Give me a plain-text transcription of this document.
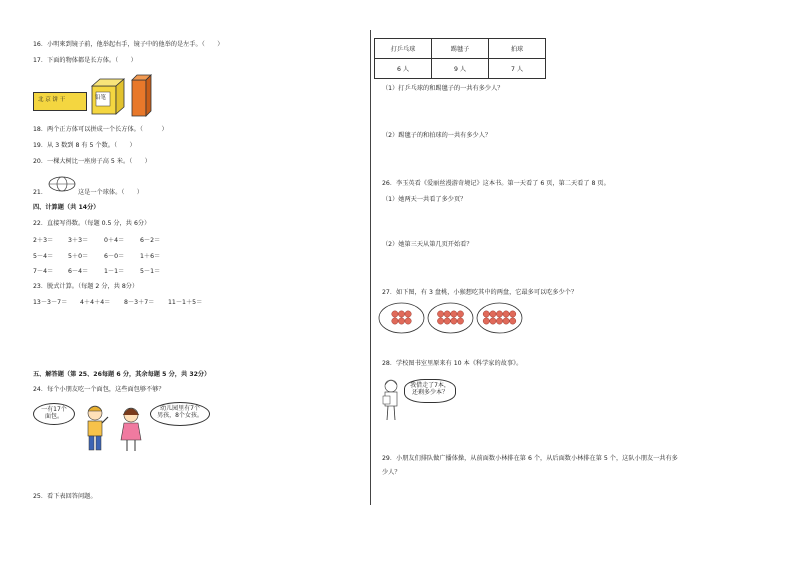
16．小明來到镜子前，他举起右手，镜子中的他举的是左手。（　　）
17．下面的物体都是长方体。（　　）
北 京 饼 干	铅笔
18．两个正方体可以拼成一个长方体。（　　　）
19．从 3 数到 8 有 5 个数。（　　）
20．一棵大树比一座房子高 5 米。（　　）
21．	这是一个球体。（　　）
四、计算题（共 14分）
22．直接写得数。（每题 0.5 分，共 6分）
2＋3＝ 3＋3＝	0＋4＝	6－2＝
5－4＝ 5＋0＝	6－0＝	1＋6＝
7－4＝ 6－4＝	1－1＝	5－1＝
23．脱式计算。（每题 2 分，共 8分）
13－3－7＝ 4＋4＋4＝ 8－3＋7＝ 11－1＋5＝
五、解答题（第 25、26每题 6 分，其余每题 5 分，共 32分）
24．每个小朋友吃一个面包，这些面包够不够？
一有17个
面包。
幼儿园里有7个
男孩，8个女孩。
25．看下表回答问题。
打乒乓球	踢毽子	拍球
6 人	9 人	7 人
（1）打乒乓球的和踢毽子的一共有多少人？
（2）踢毽子的和拍球的一共有多少人？
26．李玉英看《爱丽丝漫游奇境记》这本书。第一天看了 6 页，第二天看了 8 页。
（1）她两天一共看了多少页？
（2）她第三天从第几页开始看？
27．如下图，有 3 盘桃，小猴想吃其中的两盘，它最多可以吃多少个？
28．学校图书室里原来有 10 本《科学家的故事》。
我借走了7本，
还剩多少本？
29．小朋友们排队做广播体操，从前面数小林排在第 6 个，从后面数小林排在第 5 个，这队小朋友一共有多
少人？
